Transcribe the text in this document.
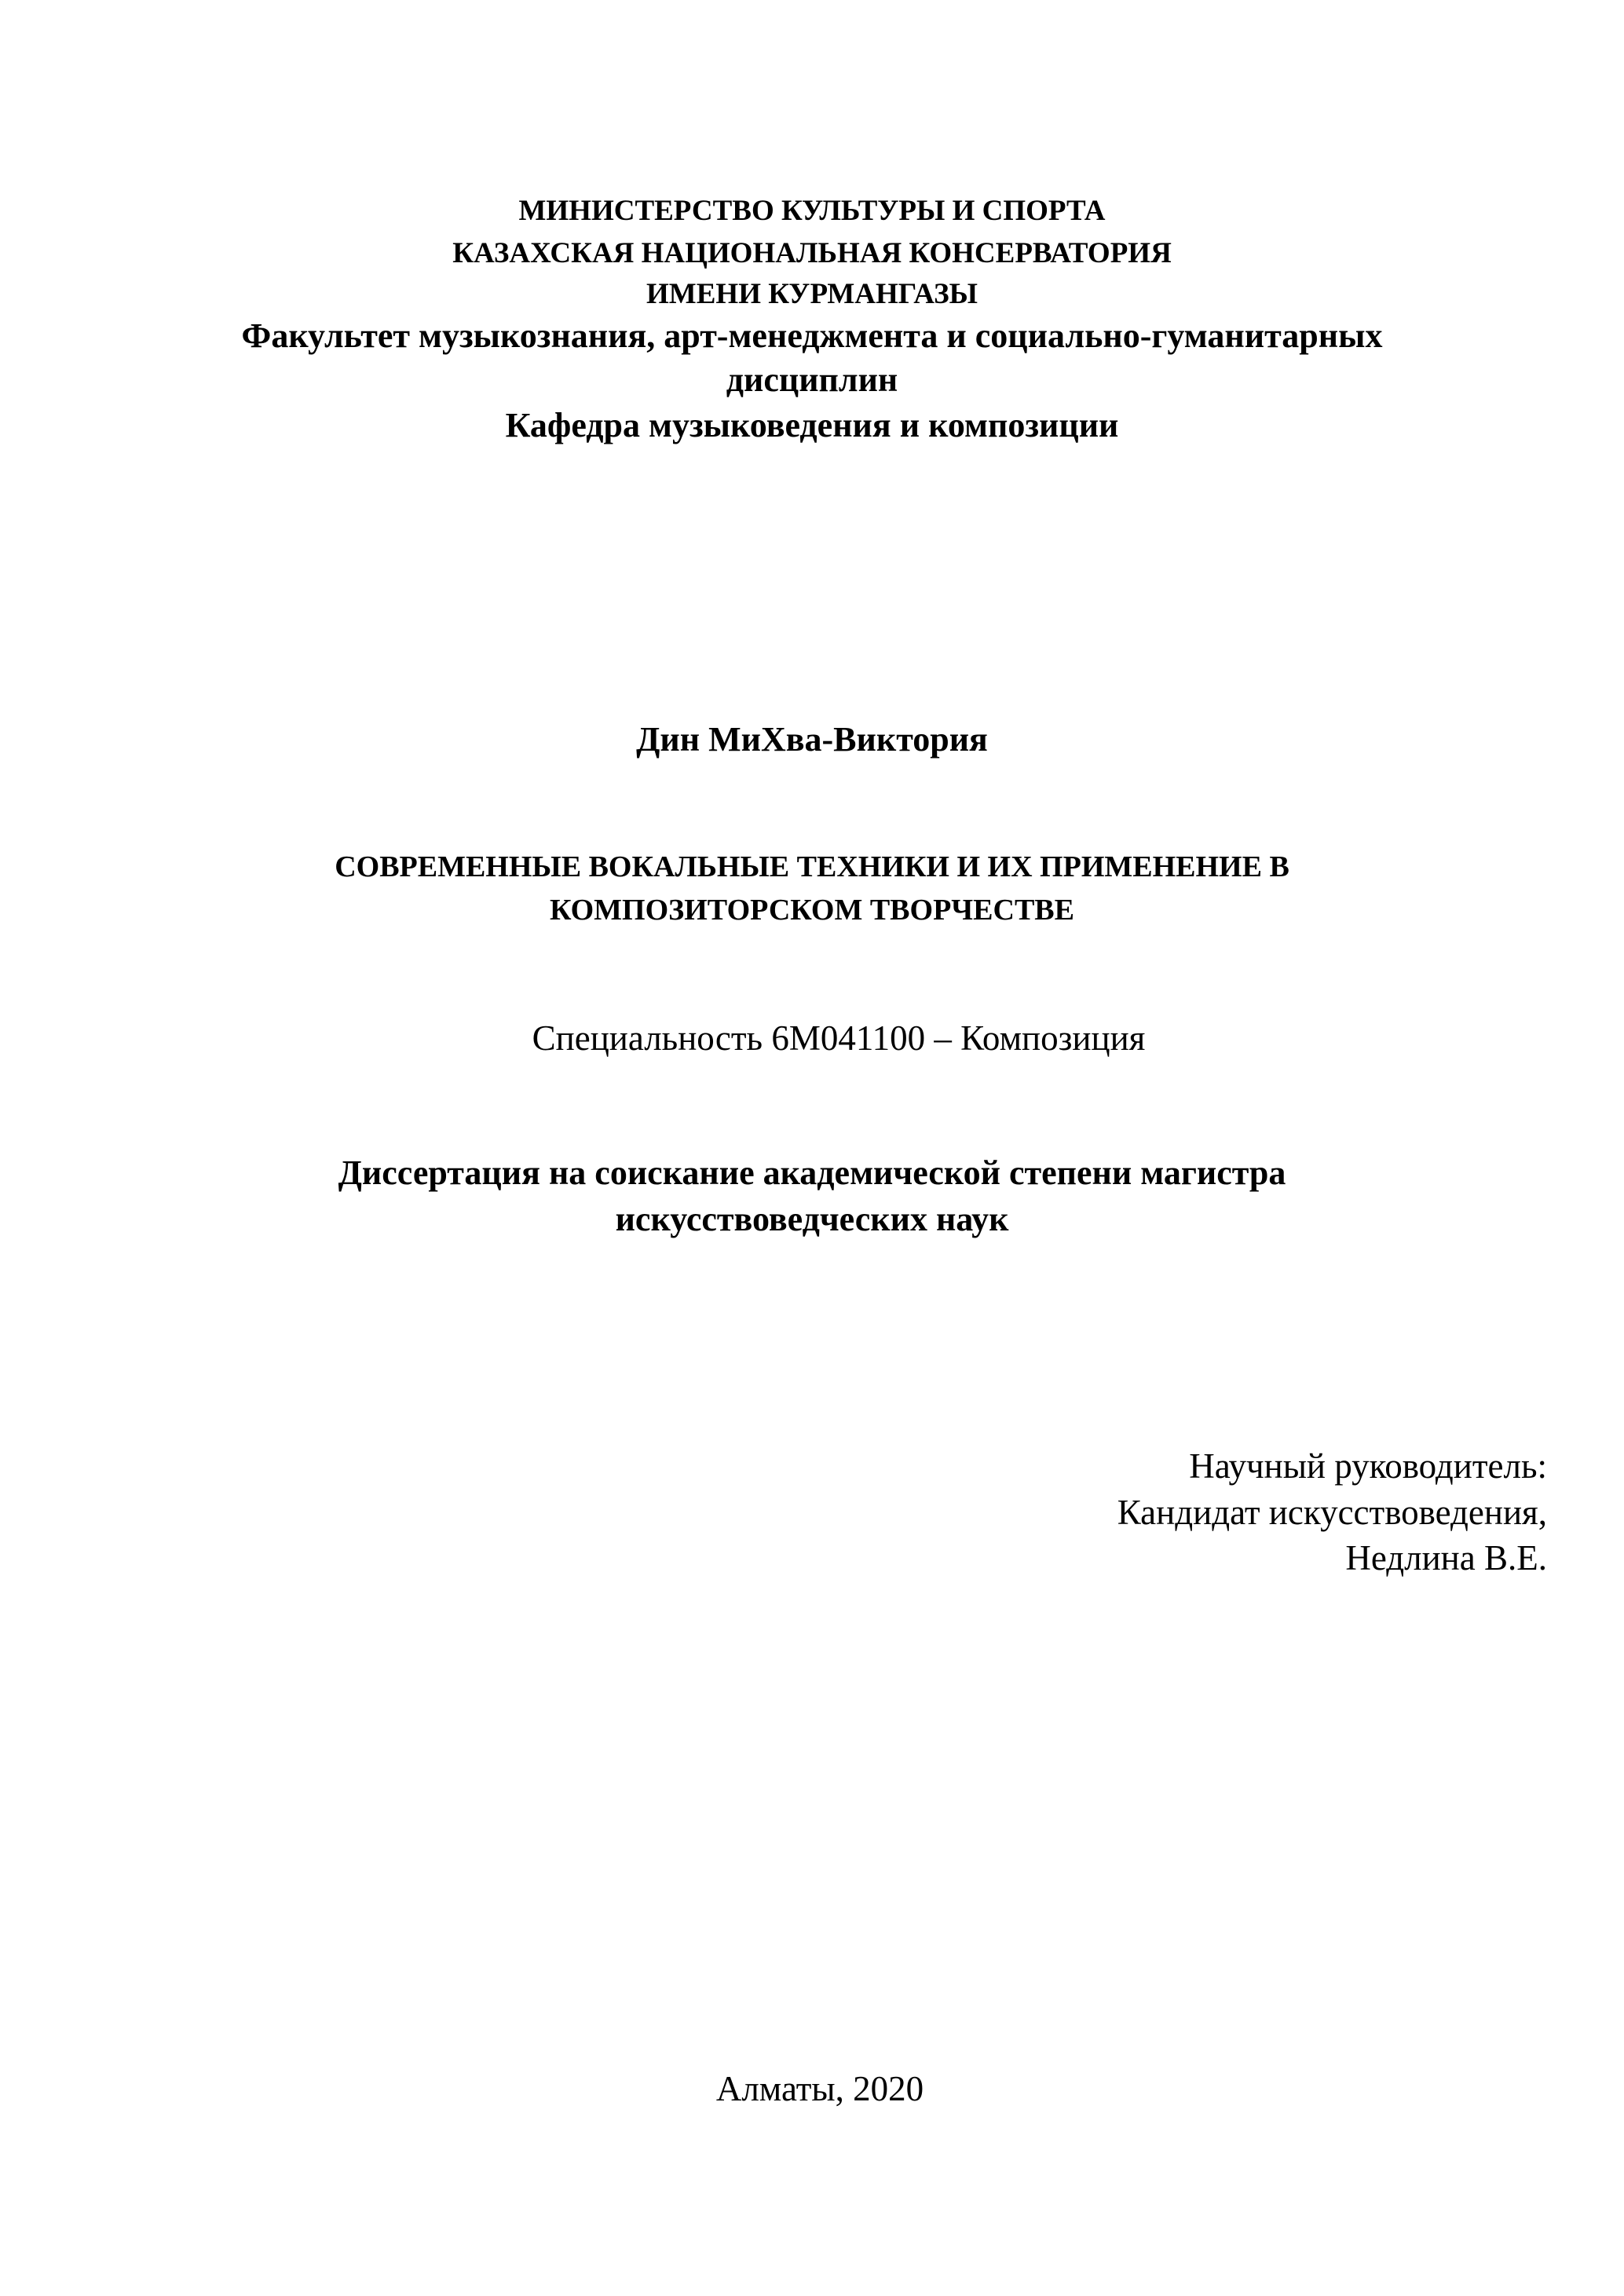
МИНИСТЕРСТВО КУЛЬТУРЫ И СПОРТА
КАЗАХСКАЯ НАЦИОНАЛЬНАЯ КОНСЕРВАТОРИЯ
ИМЕНИ КУРМАНГАЗЫ
Факультет музыкознания, арт-менеджмента и социально-гуманитарных
дисциплин
Кафедра музыковедения и композиции
Дин МиХва-Виктория
СОВРЕМЕННЫЕ ВОКАЛЬНЫЕ ТЕХНИКИ И ИХ ПРИМЕНЕНИЕ В
КОМПОЗИТОРСКОМ ТВОРЧЕСТВЕ
Специальность 6М041100 – Композиция
Диссертация на соискание академической степени магистра
искусствоведческих наук
Научный руководитель:
Кандидат искусствоведения,
Недлина В.Е.
Алматы, 2020
